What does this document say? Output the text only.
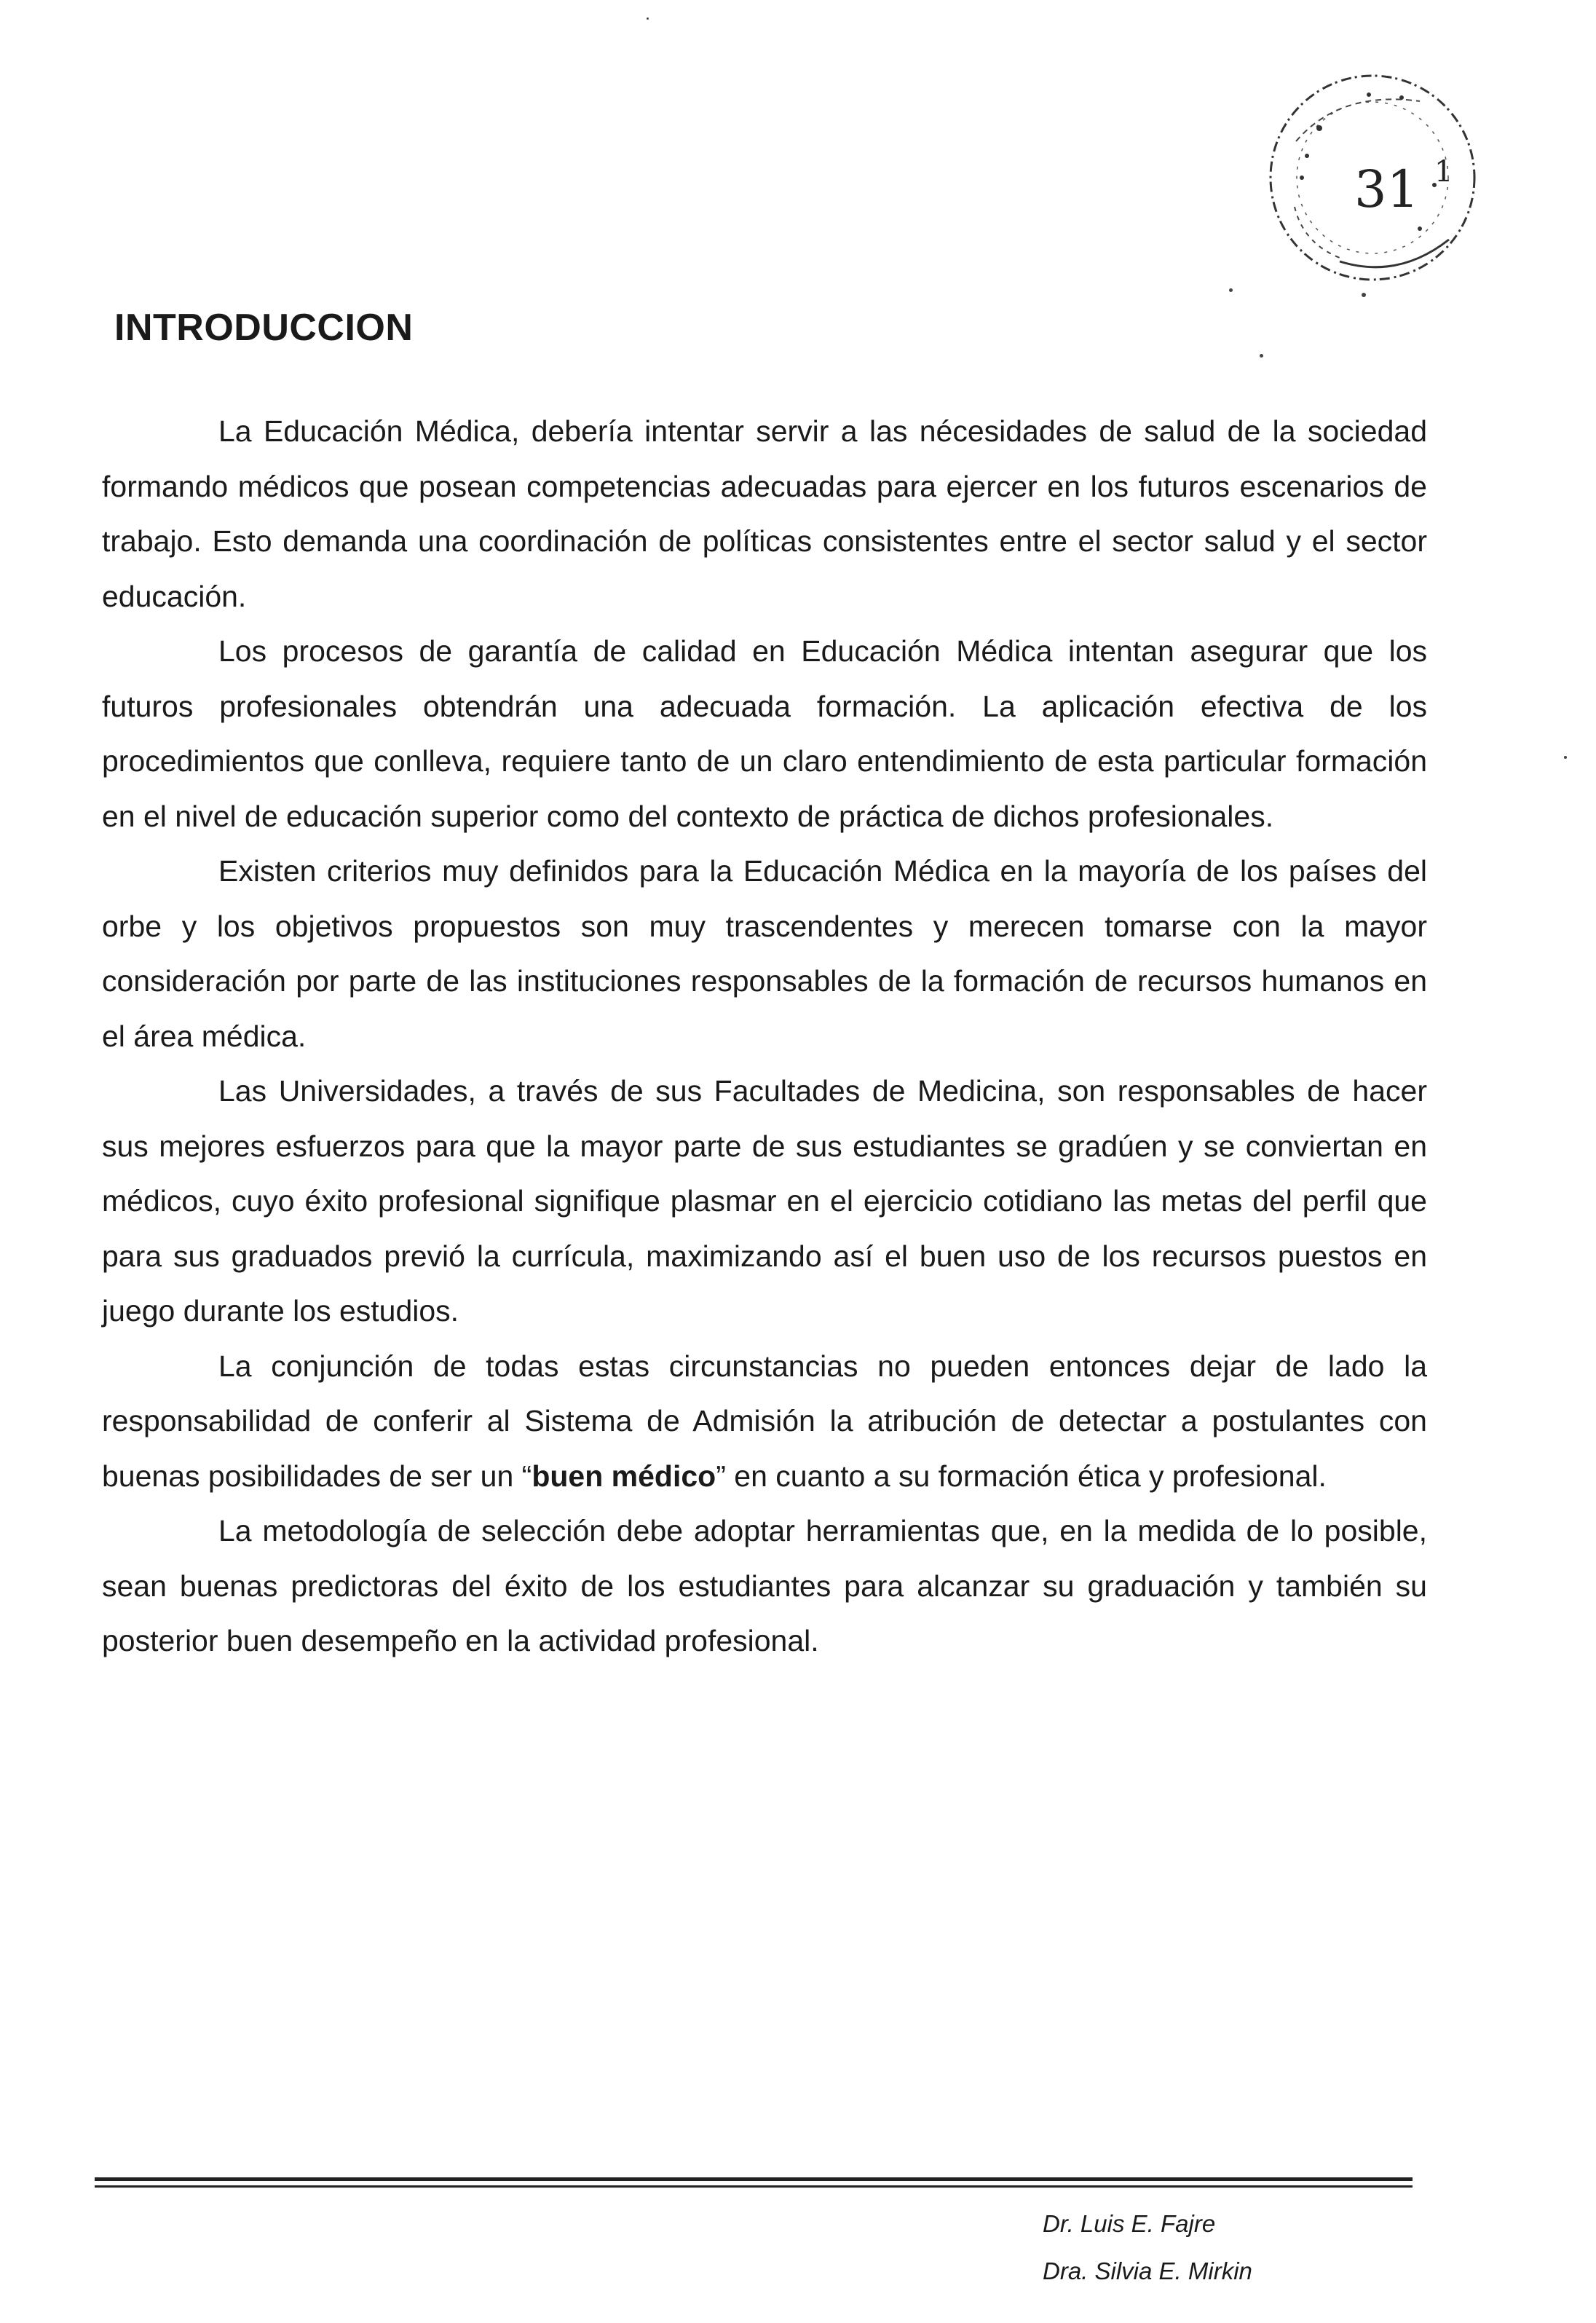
31 1
INTRODUCCION

La Educación Médica, debería intentar servir a las nécesidades de salud de la sociedad formando médicos que posean competencias adecuadas para ejercer en los futuros escenarios de trabajo. Esto demanda una coordinación de políticas consistentes entre el sector salud y el sector educación.

Los procesos de garantía de calidad en Educación Médica intentan asegurar que los futuros profesionales obtendrán una adecuada formación. La aplicación efectiva de los procedimientos que conlleva, requiere tanto de un claro entendimiento de esta particular formación en el nivel de educación superior como del contexto de práctica de dichos profesionales.

Existen criterios muy definidos para la Educación Médica en la mayoría de los países del orbe y los objetivos propuestos son muy trascendentes y merecen tomarse con la mayor consideración por parte de las instituciones responsables de la formación de recursos humanos en el área médica.

Las Universidades, a través de sus Facultades de Medicina, son responsables de hacer sus mejores esfuerzos para que la mayor parte de sus estudiantes se gradúen y se conviertan en médicos, cuyo éxito profesional signifique plasmar en el ejercicio cotidiano las metas del perfil que para sus graduados previó la currícula, maximizando así el buen uso de los recursos puestos en juego durante los estudios.

La conjunción de todas estas circunstancias no pueden entonces dejar de lado la responsabilidad de conferir al Sistema de Admisión la atribución de detectar a postulantes con buenas posibilidades de ser un “buen médico” en cuanto a su formación ética y profesional.

La metodología de selección debe adoptar herramientas que, en la medida de lo posible, sean buenas predictoras del éxito de los estudiantes para alcanzar su graduación y también su posterior buen desempeño en la actividad profesional.

Dr. Luis E. Fajre
Dra. Silvia E. Mirkin
